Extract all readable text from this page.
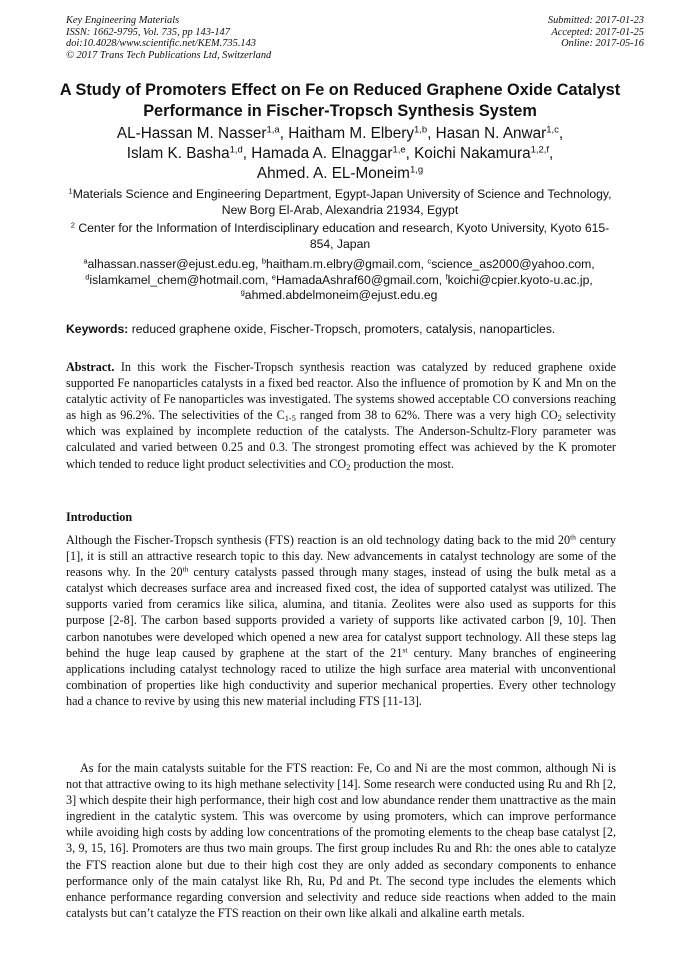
Key Engineering Materials
ISSN: 1662-9795, Vol. 735, pp 143-147
doi:10.4028/www.scientific.net/KEM.735.143
© 2017 Trans Tech Publications Ltd, Switzerland
Submitted: 2017-01-23
Accepted: 2017-01-25
Online: 2017-05-16
A Study of Promoters Effect on Fe on Reduced Graphene Oxide Catalyst
Performance in Fischer-Tropsch Synthesis System
AL-Hassan M. Nasser$^{1,a}$, Haitham M. Elbery$^{1,b}$, Hasan N. Anwar$^{1,c}$,
Islam K. Basha$^{1,d}$, Hamada A. Elnaggar$^{1,e}$, Koichi Nakamura$^{1,2,f}$,
Ahmed. A. EL-Moneim$^{1,g}$
$^1$Materials Science and Engineering Department, Egypt-Japan University of Science and Technology, New Borg El-Arab, Alexandria 21934, Egypt
$^2$ Center for the Information of Interdisciplinary education and research, Kyoto University, Kyoto 615-854, Japan
$^a$alhassan.nasser@ejust.edu.eg, $^b$haitham.m.elbry@gmail.com, $^c$science_as2000@yahoo.com,
$^d$islamkamel_chem@hotmail.com, $^e$HamadaAshraf60@gmail.com, $^f$koichi@cpier.kyoto-u.ac.jp,
$^g$ahmed.abdelmoneim@ejust.edu.eg
Keywords: reduced graphene oxide, Fischer-Tropsch, promoters, catalysis, nanoparticles.
Abstract. In this work the Fischer-Tropsch synthesis reaction was catalyzed by reduced graphene oxide supported Fe nanoparticles catalysts in a fixed bed reactor. Also the influence of promotion by K and Mn on the catalytic activity of Fe nanoparticles was investigated. The systems showed acceptable CO conversions reaching as high as 96.2%. The selectivities of the $C_{1-5}$ ranged from 38 to 62%. There was a very high $CO_2$ selectivity which was explained by incomplete reduction of the catalysts. The Anderson-Schultz-Flory parameter was calculated and varied between 0.25 and 0.3. The strongest promoting effect was achieved by the K promoter which tended to reduce light product selectivities and $CO_2$ production the most.
Introduction
Although the Fischer-Tropsch synthesis (FTS) reaction is an old technology dating back to the mid 20th century [1], it is still an attractive research topic to this day. New advancements in catalyst technology are some of the reasons why. In the 20th century catalysts passed through many stages, instead of using the bulk metal as a catalyst which decreases surface area and increased fixed cost, the idea of supported catalyst was utilized. The supports varied from ceramics like silica, alumina, and titania. Zeolites were also used as supports for this purpose [2-8]. The carbon based supports provided a variety of supports like activated carbon [9, 10]. Then carbon nanotubes were developed which opened a new area for catalyst support technology. All these steps lag behind the huge leap caused by graphene at the start of the 21st century. Many branches of engineering applications including catalyst technology raced to utilize the high surface area material with unconventional combination of properties like high conductivity and superior mechanical properties. Every other technology had a chance to revive by using this new material including FTS [11-13].
As for the main catalysts suitable for the FTS reaction: Fe, Co and Ni are the most common, although Ni is not that attractive owing to its high methane selectivity [14]. Some research were conducted using Ru and Rh [2, 3] which despite their high performance, their high cost and low abundance render them unattractive as the main ingredient in the catalytic system. This was overcome by using promoters, which can improve performance while avoiding high costs by adding low concentrations of the promoting elements to the cheap base catalyst [2, 3, 9, 15, 16]. Promoters are thus two main groups. The first group includes Ru and Rh: the ones able to catalyze the FTS reaction alone but due to their high cost they are only added as secondary components to enhance performance only of the main catalyst like Rh, Ru, Pd and Pt. The second type includes the elements which enhance performance regarding conversion and selectivity and reduce side reactions when added to the main catalysts but can’t catalyze the FTS reaction on their own like alkali and alkaline earth metals.
